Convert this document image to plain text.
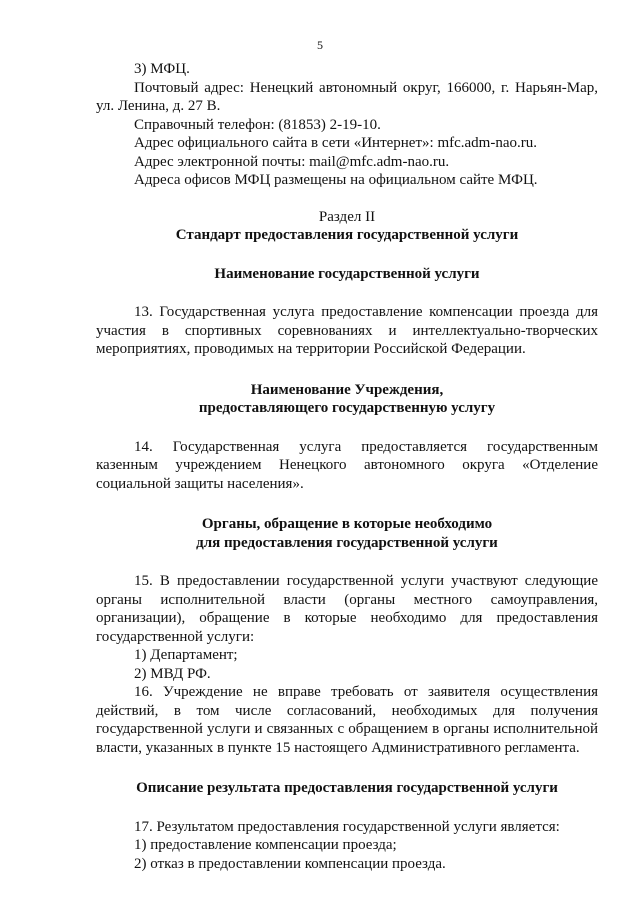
5

3) МФЦ.

Почтовый адрес: Ненецкий автономный округ, 166000, г. Нарьян-Мар, ул. Ленина, д. 27 В.

Справочный телефон: (81853) 2-19-10.

Адрес официального сайта в сети «Интернет»: mfc.adm-nao.ru.

Адрес электронной почты: mail@mfc.adm-nao.ru.

Адреса офисов МФЦ размещены на официальном сайте МФЦ.

Раздел II

Стандарт предоставления государственной услуги

Наименование государственной услуги

13. Государственная услуга предоставление компенсации проезда для участия в спортивных соревнованиях и интеллектуально-творческих мероприятиях, проводимых на территории Российской Федерации.

Наименование Учреждения,

предоставляющего государственную услугу

14. Государственная услуга предоставляется государственным казенным учреждением Ненецкого автономного округа «Отделение социальной защиты населения».

Органы, обращение в которые необходимо

для предоставления государственной услуги

15. В предоставлении государственной услуги участвуют следующие органы исполнительной власти (органы местного самоуправления, организации), обращение в которые необходимо для предоставления государственной услуги:

1) Департамент;

2) МВД РФ.

16. Учреждение не вправе требовать от заявителя осуществления действий, в том числе согласований, необходимых для получения государственной услуги и связанных с обращением в органы исполнительной власти, указанных в пункте 15 настоящего Административного регламента.

Описание результата предоставления государственной услуги

17. Результатом предоставления государственной услуги является:

1) предоставление компенсации проезда;

2) отказ в предоставлении компенсации проезда.
